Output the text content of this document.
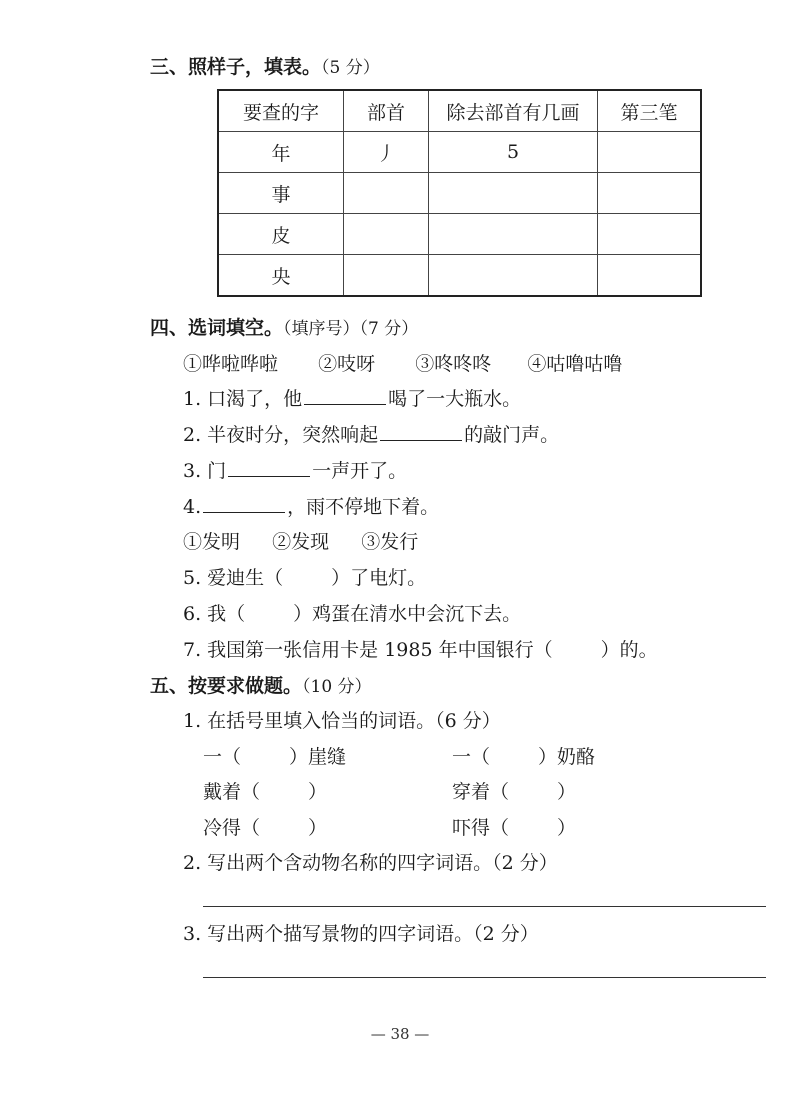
三、照样子，填表。（5 分）
要查的字	部首	除去部首有几画	第三笔
年	丿	5	
事			
皮			
央			
四、选词填空。（填序号）（7 分）
①哗啦哗啦 ②吱呀 ③咚咚咚 ④咕噜咕噜
1. 口渴了，他	喝了一大瓶水。
2. 半夜时分，突然响起	的敲门声。
3. 门	一声开了。
4.	，雨不停地下着。
①发明 ②发现 ③发行
5. 爱迪生（	）了电灯。
6. 我（	）鸡蛋在清水中会沉下去。
7. 我国第一张信用卡是 1985 年中国银行（	）的。
五、按要求做题。（10 分）
1. 在括号里填入恰当的词语。（6 分）
一（	）崖缝	一（	）奶酪
戴着（	）	穿着（	）
冷得（	）	吓得（	）
2. 写出两个含动物名称的四字词语。（2 分）
3. 写出两个描写景物的四字词语。（2 分）
— 38 —
